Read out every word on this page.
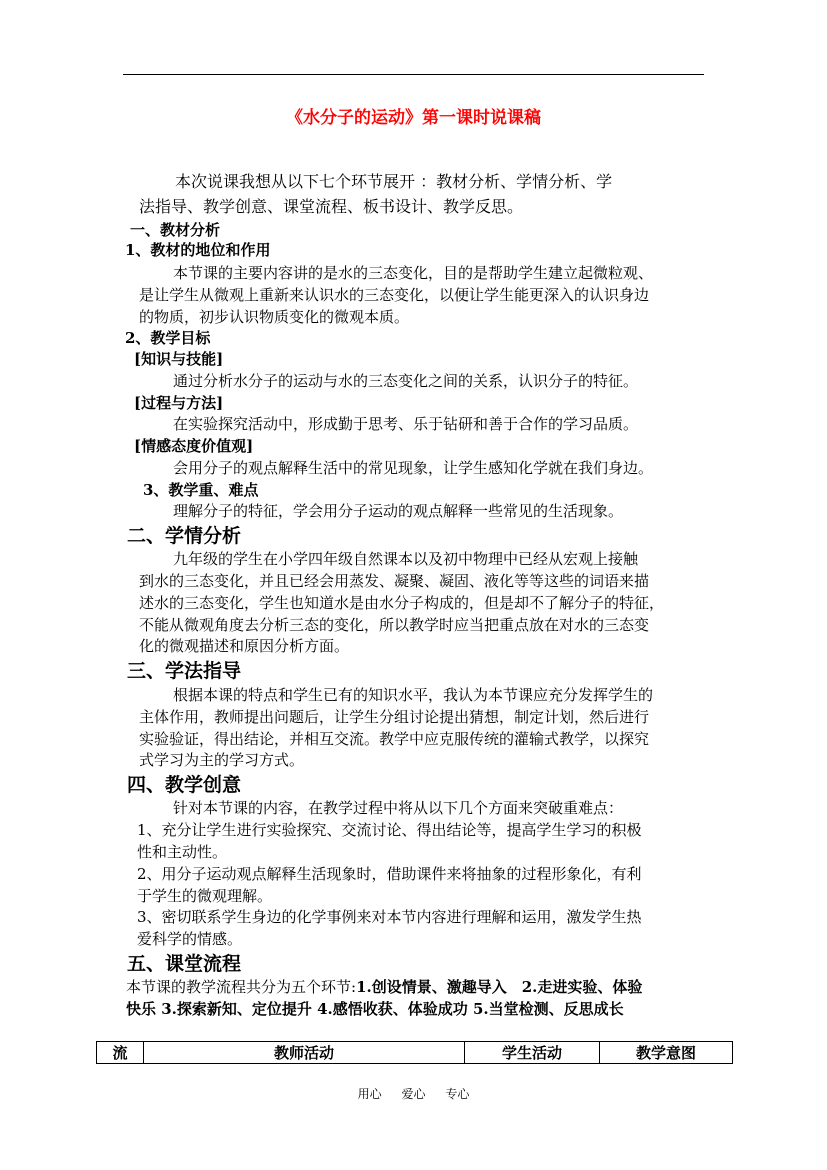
《水分子的运动》第一课时说课稿
本次说课我想从以下七个环节展开 ：教材分析、学情分析、学
法指导、教学创意、课堂流程、板书设计、教学反思。
一、教材分析
1、教材的地位和作用
本节课的主要内容讲的是水的三态变化，目的是帮助学生建立起微粒观、
是让学生从微观上重新来认识水的三态变化，以便让学生能更深入的认识身边
的物质，初步认识物质变化的微观本质。
2、教学目标
[知识与技能]
通过分析水分子的运动与水的三态变化之间的关系，认识分子的特征。
[过程与方法]
在实验探究活动中，形成勤于思考、乐于钻研和善于合作的学习品质。
[情感态度价值观]
会用分子的观点解释生活中的常见现象，让学生感知化学就在我们身边。
3、教学重、难点
理解分子的特征，学会用分子运动的观点解释一些常见的生活现象。
二、学情分析
九年级的学生在小学四年级自然课本以及初中物理中已经从宏观上接触
到水的三态变化，并且已经会用蒸发、凝聚、凝固、液化等等这些的词语来描
述水的三态变化，学生也知道水是由水分子构成的，但是却不了解分子的特征，
不能从微观角度去分析三态的变化，所以教学时应当把重点放在对水的三态变
化的微观描述和原因分析方面。
三、学法指导
根据本课的特点和学生已有的知识水平，我认为本节课应充分发挥学生的
主体作用，教师提出问题后，让学生分组讨论提出猜想，制定计划，然后进行
实验验证，得出结论，并相互交流。教学中应克服传统的灌输式教学，以探究
式学习为主的学习方式。
四、教学创意
针对本节课的内容，在教学过程中将从以下几个方面来突破重难点：
1、充分让学生进行实验探究、交流讨论、得出结论等，提高学生学习的积极
性和主动性。
2、用分子运动观点解释生活现象时，借助课件来将抽象的过程形象化，有利
于学生的微观理解。
3、密切联系学生身边的化学事例来对本节内容进行理解和运用，激发学生热
爱科学的情感。
五、课堂流程
本节课的教学流程共分为五个环节:1.创设情景、激趣导入　2.走进实验、体验
快乐 3.探索新知、定位提升 4.感悟收获、体验成功 5.当堂检测、反思成长
流	教师活动	学生活动	教学意图
用心 爱心 专心
